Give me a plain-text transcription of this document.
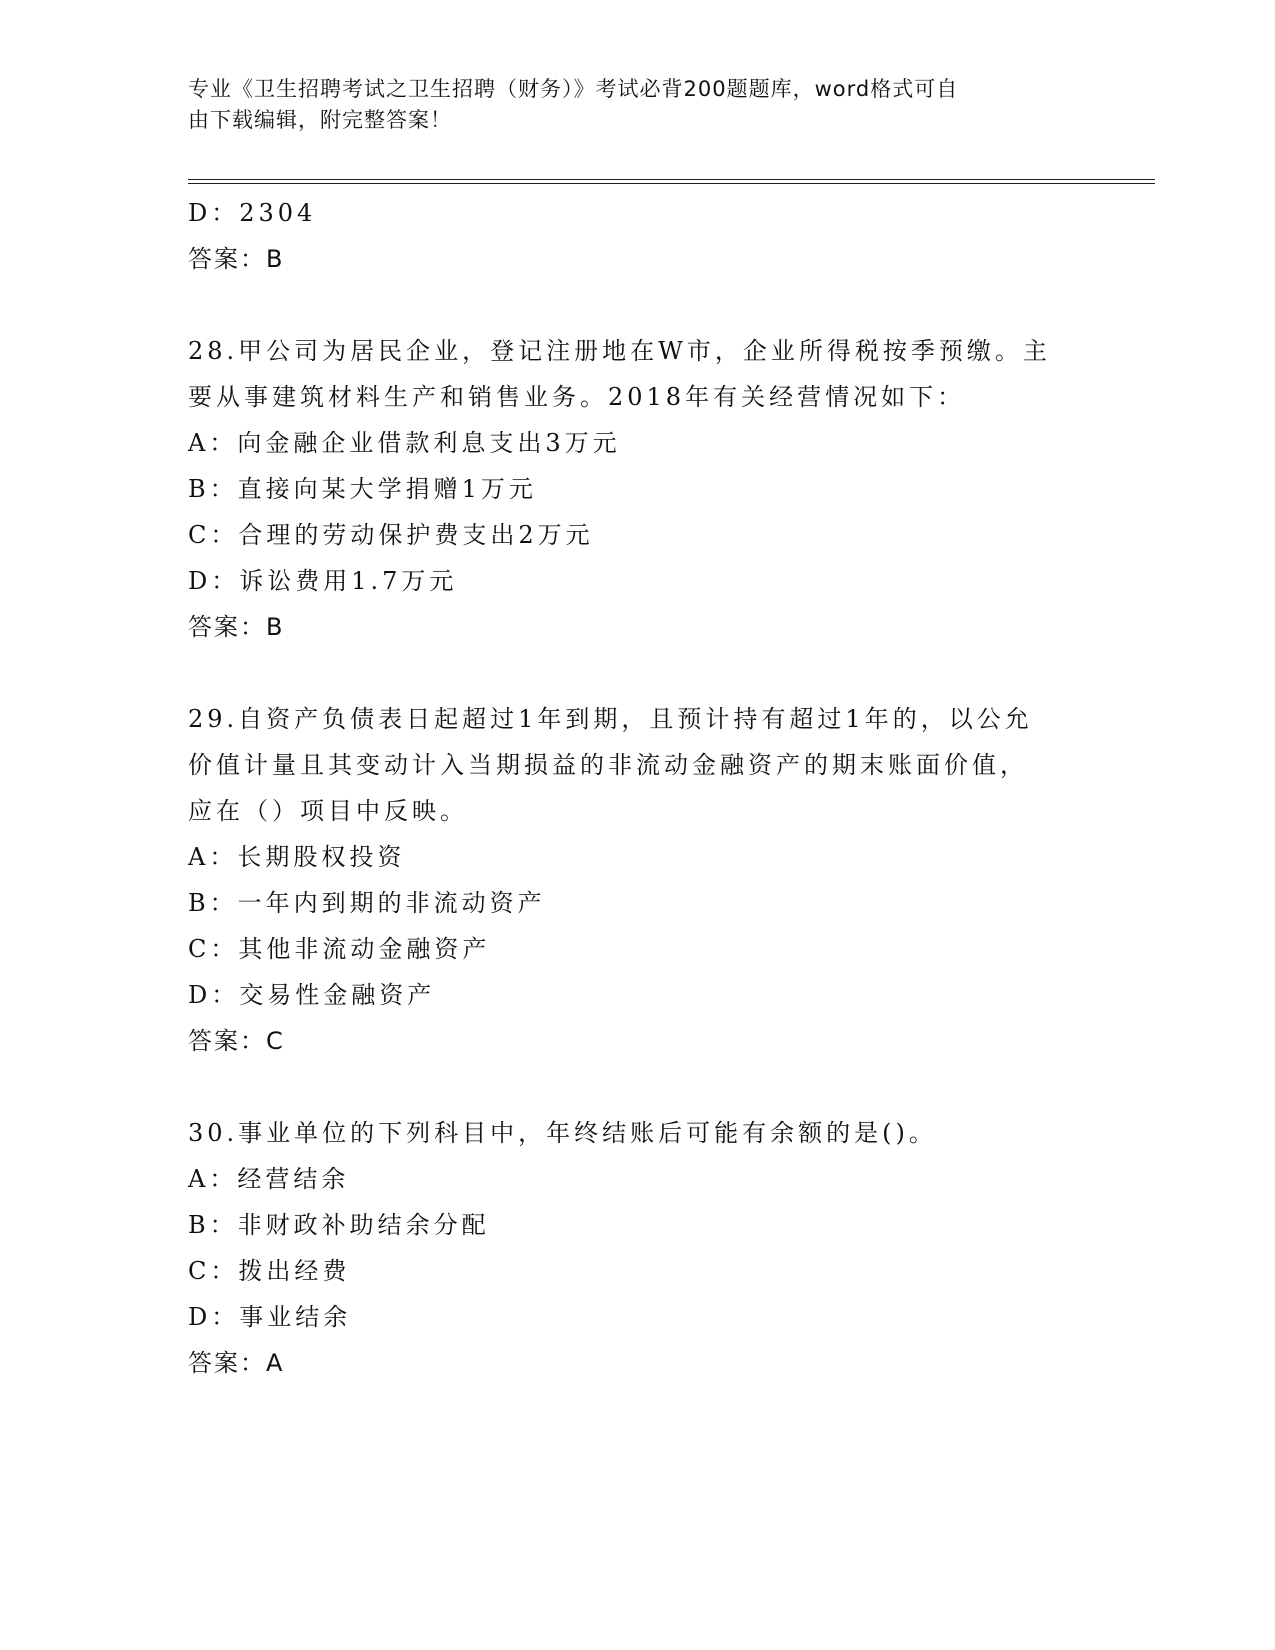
专业《卫生招聘考试之卫生招聘（财务）》考试必背200题题库，word格式可自
由下载编辑，附完整答案！
D：2304
答案：B
28.甲公司为居民企业，登记注册地在W市，企业所得税按季预缴。主
要从事建筑材料生产和销售业务。2018年有关经营情况如下：
A：向金融企业借款利息支出3万元
B：直接向某大学捐赠1万元
C：合理的劳动保护费支出2万元
D：诉讼费用1.7万元
答案：B
29.自资产负债表日起超过1年到期，且预计持有超过1年的，以公允
价值计量且其变动计入当期损益的非流动金融资产的期末账面价值，
应在（）项目中反映。
A：长期股权投资
B：一年内到期的非流动资产
C：其他非流动金融资产
D：交易性金融资产
答案：C
30.事业单位的下列科目中，年终结账后可能有余额的是()。
A：经营结余
B：非财政补助结余分配
C：拨出经费
D：事业结余
答案：A
